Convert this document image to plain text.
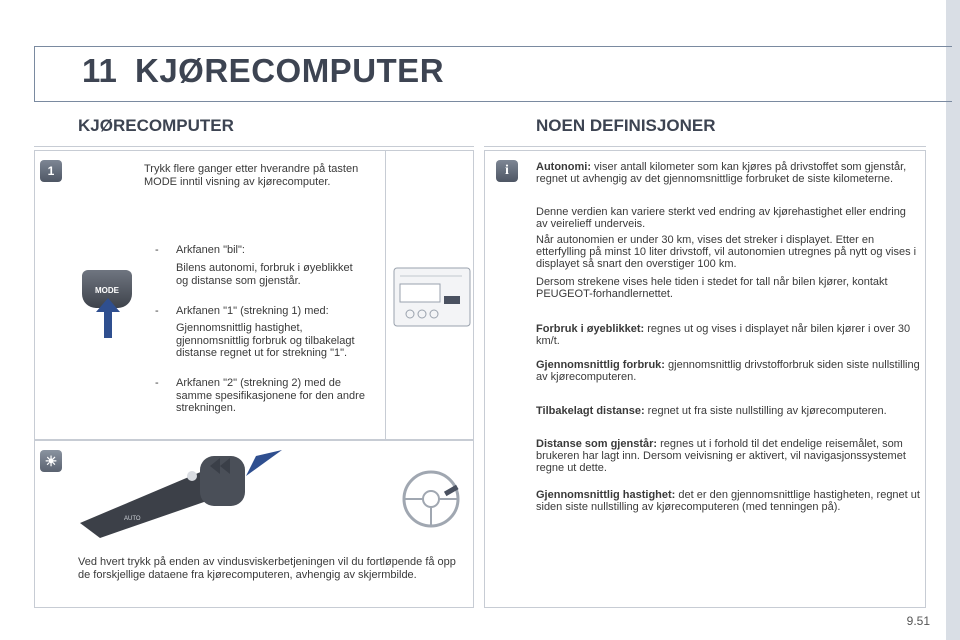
11 KJØRECOMPUTER
KJØRECOMPUTER
1	Trykk flere ganger etter hverandre på tasten MODE inntil visning av kjørecomputer.
MODE
- Arkfanen "bil":
Bilens autonomi, forbruk i øyeblikket og distanse som gjenstår.
- Arkfanen "1" (strekning 1) med:
Gjennomsnittlig hastighet, gjennomsnittlig forbruk og tilbakelagt distanse regnet ut for strekning "1".
- Arkfanen "2" (strekning 2) med de samme spesifikasjonene for den andre strekningen.
☀
AUTO
Ved hvert trykk på enden av vindusviskerbetjeningen vil du fortløpende få opp de forskjellige dataene fra kjørecomputeren, avhengig av skjermbilde.
NOEN DEFINISJONER
i	Autonomi: viser antall kilometer som kan kjøres på drivstoffet som gjenstår, regnet ut avhengig av det gjennomsnittlige forbruket de siste kilometerne.
Denne verdien kan variere sterkt ved endring av kjørehastighet eller endring av veirelieff underveis.
Når autonomien er under 30 km, vises det streker i displayet. Etter en etterfylling på minst 10 liter drivstoff, vil autonomien utregnes på nytt og vises i displayet så snart den overstiger 100 km.
Dersom strekene vises hele tiden i stedet for tall når bilen kjører, kontakt PEUGEOT-forhandlernettet.
Forbruk i øyeblikket: regnes ut og vises i displayet når bilen kjører i over 30 km/t.
Gjennomsnittlig forbruk: gjennomsnittlig drivstofforbruk siden siste nullstilling av kjørecomputeren.
Tilbakelagt distanse: regnet ut fra siste nullstilling av kjørecomputeren.
Distanse som gjenstår: regnes ut i forhold til det endelige reisemålet, som brukeren har lagt inn. Dersom veivisning er aktivert, vil navigasjonssystemet regne ut dette.
Gjennomsnittlig hastighet: det er den gjennomsnittlige hastigheten, regnet ut siden siste nullstilling av kjørecomputeren (med tenningen på).
9.51
